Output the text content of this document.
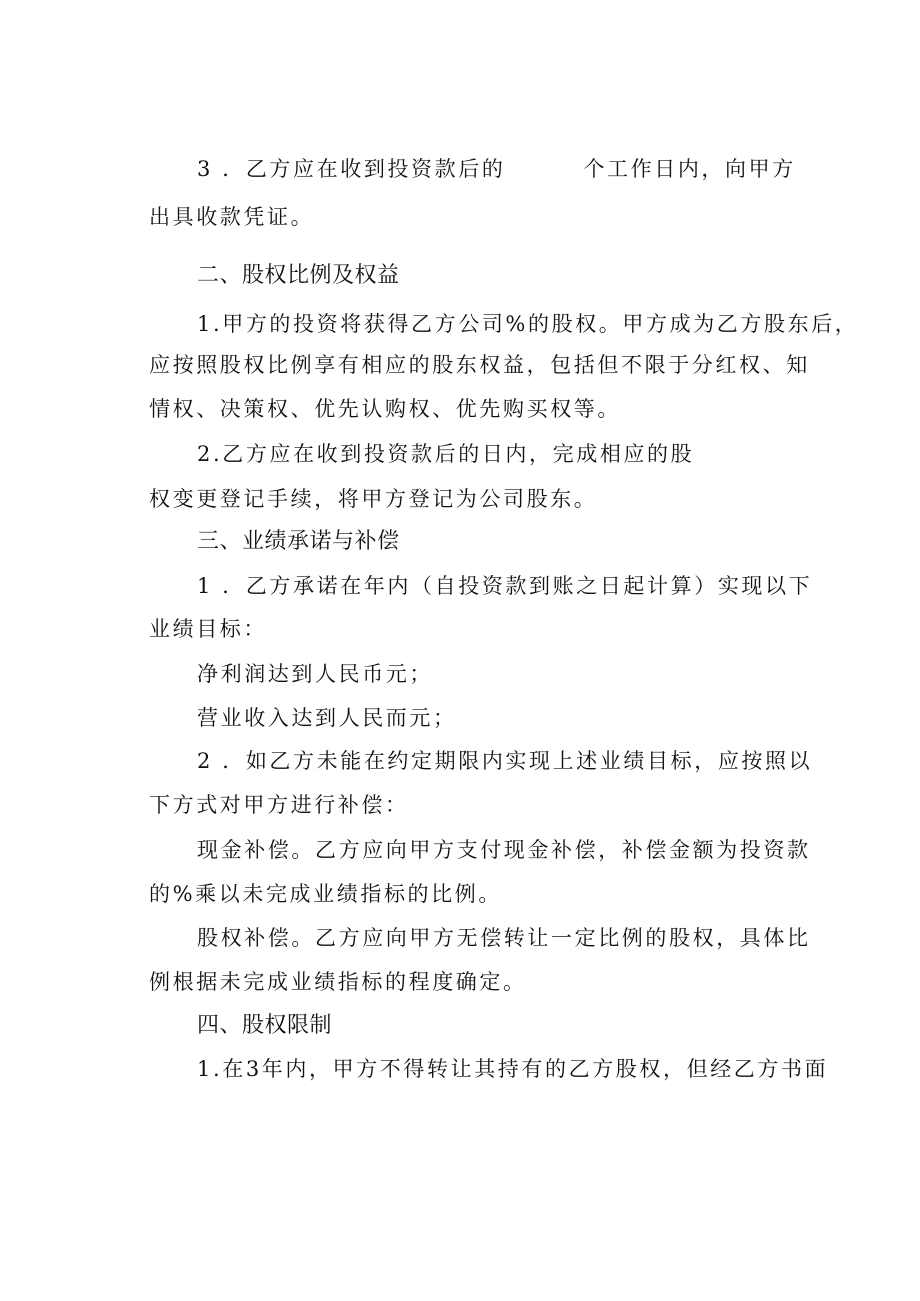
3 ．乙方应在收到投资款后的	个工作日内，向甲方
出具收款凭证。
二、股权比例及权益
1.甲方的投资将获得乙方公司%的股权。甲方成为乙方股东后，
应按照股权比例享有相应的股东权益，包括但不限于分红权、知
情权、决策权、优先认购权、优先购买权等。
2.乙方应在收到投资款后的日内，完成相应的股
权变更登记手续，将甲方登记为公司股东。
三、业绩承诺与补偿
1 ．乙方承诺在年内（自投资款到账之日起计算）实现以下
业绩目标：
净利润达到人民币元；
营业收入达到人民而元；
2 ．如乙方未能在约定期限内实现上述业绩目标，应按照以
下方式对甲方进行补偿：
现金补偿。乙方应向甲方支付现金补偿，补偿金额为投资款
的%乘以未完成业绩指标的比例。
股权补偿。乙方应向甲方无偿转让一定比例的股权，具体比
例根据未完成业绩指标的程度确定。
四、股权限制
1.在3年内，甲方不得转让其持有的乙方股权，但经乙方书面
